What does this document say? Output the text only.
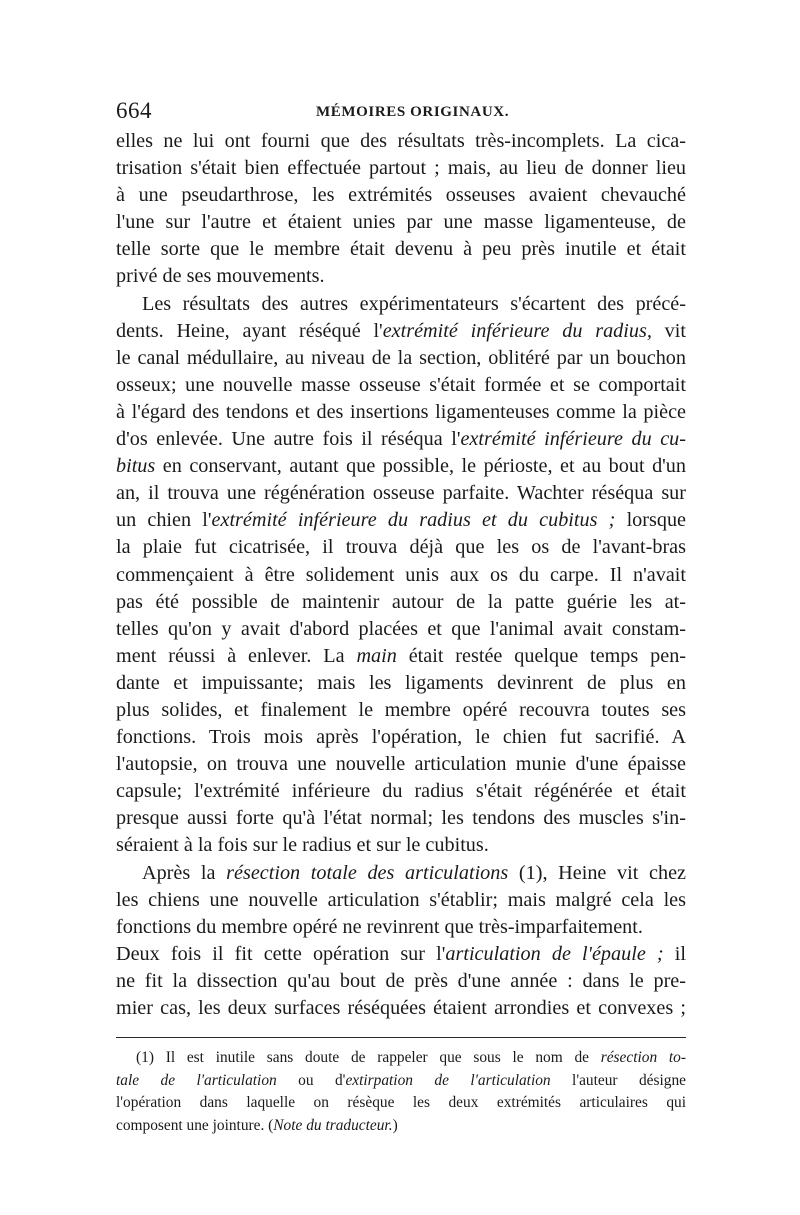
664	MÉMOIRES ORIGINAUX.
elles ne lui ont fourni que des résultats très-incomplets. La cica-
trisation s'était bien effectuée partout ; mais, au lieu de donner lieu
à une pseudarthrose, les extrémités osseuses avaient chevauché
l'une sur l'autre et étaient unies par une masse ligamenteuse, de
telle sorte que le membre était devenu à peu près inutile et était
privé de ses mouvements.
Les résultats des autres expérimentateurs s'écartent des précé-
dents. Heine, ayant réséqué l'extrémité inférieure du radius, vit
le canal médullaire, au niveau de la section, oblitéré par un bouchon
osseux; une nouvelle masse osseuse s'était formée et se comportait
à l'égard des tendons et des insertions ligamenteuses comme la pièce
d'os enlevée. Une autre fois il réséqua l'extrémité inférieure du cu-
bitus en conservant, autant que possible, le périoste, et au bout d'un
an, il trouva une régénération osseuse parfaite. Wachter réséqua sur
un chien l'extrémité inférieure du radius et du cubitus ; lorsque
la plaie fut cicatrisée, il trouva déjà que les os de l'avant-bras
commençaient à être solidement unis aux os du carpe. Il n'avait
pas été possible de maintenir autour de la patte guérie les at-
telles qu'on y avait d'abord placées et que l'animal avait constam-
ment réussi à enlever. La main était restée quelque temps pen-
dante et impuissante; mais les ligaments devinrent de plus en
plus solides, et finalement le membre opéré recouvra toutes ses
fonctions. Trois mois après l'opération, le chien fut sacrifié. A
l'autopsie, on trouva une nouvelle articulation munie d'une épaisse
capsule; l'extrémité inférieure du radius s'était régénérée et était
presque aussi forte qu'à l'état normal; les tendons des muscles s'in-
séraient à la fois sur le radius et sur le cubitus.
Après la résection totale des articulations (1), Heine vit chez
les chiens une nouvelle articulation s'établir; mais malgré cela les
fonctions du membre opéré ne revinrent que très-imparfaitement.
Deux fois il fit cette opération sur l'articulation de l'épaule ; il
ne fit la dissection qu'au bout de près d'une année : dans le pre-
mier cas, les deux surfaces réséquées étaient arrondies et convexes ;
(1) Il est inutile sans doute de rappeler que sous le nom de résection to-
tale de l'articulation ou d'extirpation de l'articulation l'auteur désigne
l'opération dans laquelle on résèque les deux extrémités articulaires qui
composent une jointure. (Note du traducteur.)
